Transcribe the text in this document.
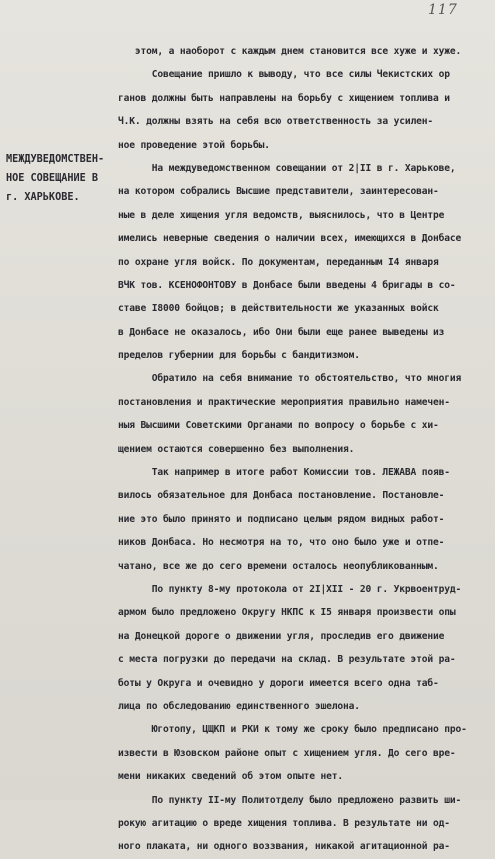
117
МЕЖДУВЕДОМСТВЕН-
НОЕ СОВЕЩАНИЕ В
г. ХАРЬКОВЕ.
этом, а наоборот с каждым днем становится все хуже и хуже.
Совещание пришло к выводу, что все силы Чекистских ор
ганов должны быть направлены на борьбу с хищением топлива и
Ч.К. должны взять на себя всю ответственность за усилен-
ное проведение этой борьбы.
На междуведомственном совещании от 2|II в г. Харькове,
на котором собрались Высшие представители, заинтересован-
ные в деле хищения угля ведомств, выяснилось, что в Центре
имелись неверные сведения о наличии всех, имеющихся в Донбасе
по охране угля войск. По документам, переданным I4 января
ВЧК тов. КСЕНОФОНТОВУ в Донбасе были введены 4 бригады в со-
ставе I8000 бойцов; в действительности же указанных войск
в Донбасе не оказалось, ибо Они были еще ранее выведены из
пределов губернии для борьбы с бандитизмом.
Обратило на себя внимание то обстоятельство, что многия
постановления и практические мероприятия правильно намечен-
ныя Высшими Советскими Органами по вопросу о борьбе с хи-
щением остаются совершенно без выполнения.
Так например в итоге работ Комиссии тов. ЛЕЖАВА появ-
вилось обязательное для Донбаса постановление. Постановле-
ние это было принято и подписано целым рядом видных работ-
ников Донбаса. Но несмотря на то, что оно было уже и отпе-
чатано, все же до сего времени осталось неопубликованным.
По пункту 8-му протокола от 2I|XII - 20 г. Укрвоентруд-
армом было предложено Округу НКПС к I5 января произвести опы
на Донецкой дороге о движении угля, проследив его движение
с места погрузки до передачи на склад. В результате этой ра-
боты у Округа и очевидно у дороги имеется всего одна таб-
лица по обследованию единственного эшелона.
Юготопу, ЦЩКП и РКИ к тому же сроку было предписано про-
извести в Юзовском районе опыт с хищением угля. До сего вре-
мени никаких сведений об этом опыте нет.
По пункту II-му Политотделу было предложено развить ши-
рокую агитацию о вреде хищения топлива. В результате ни од-
ного плаката, ни одного воззвания, никакой агитационной ра-
